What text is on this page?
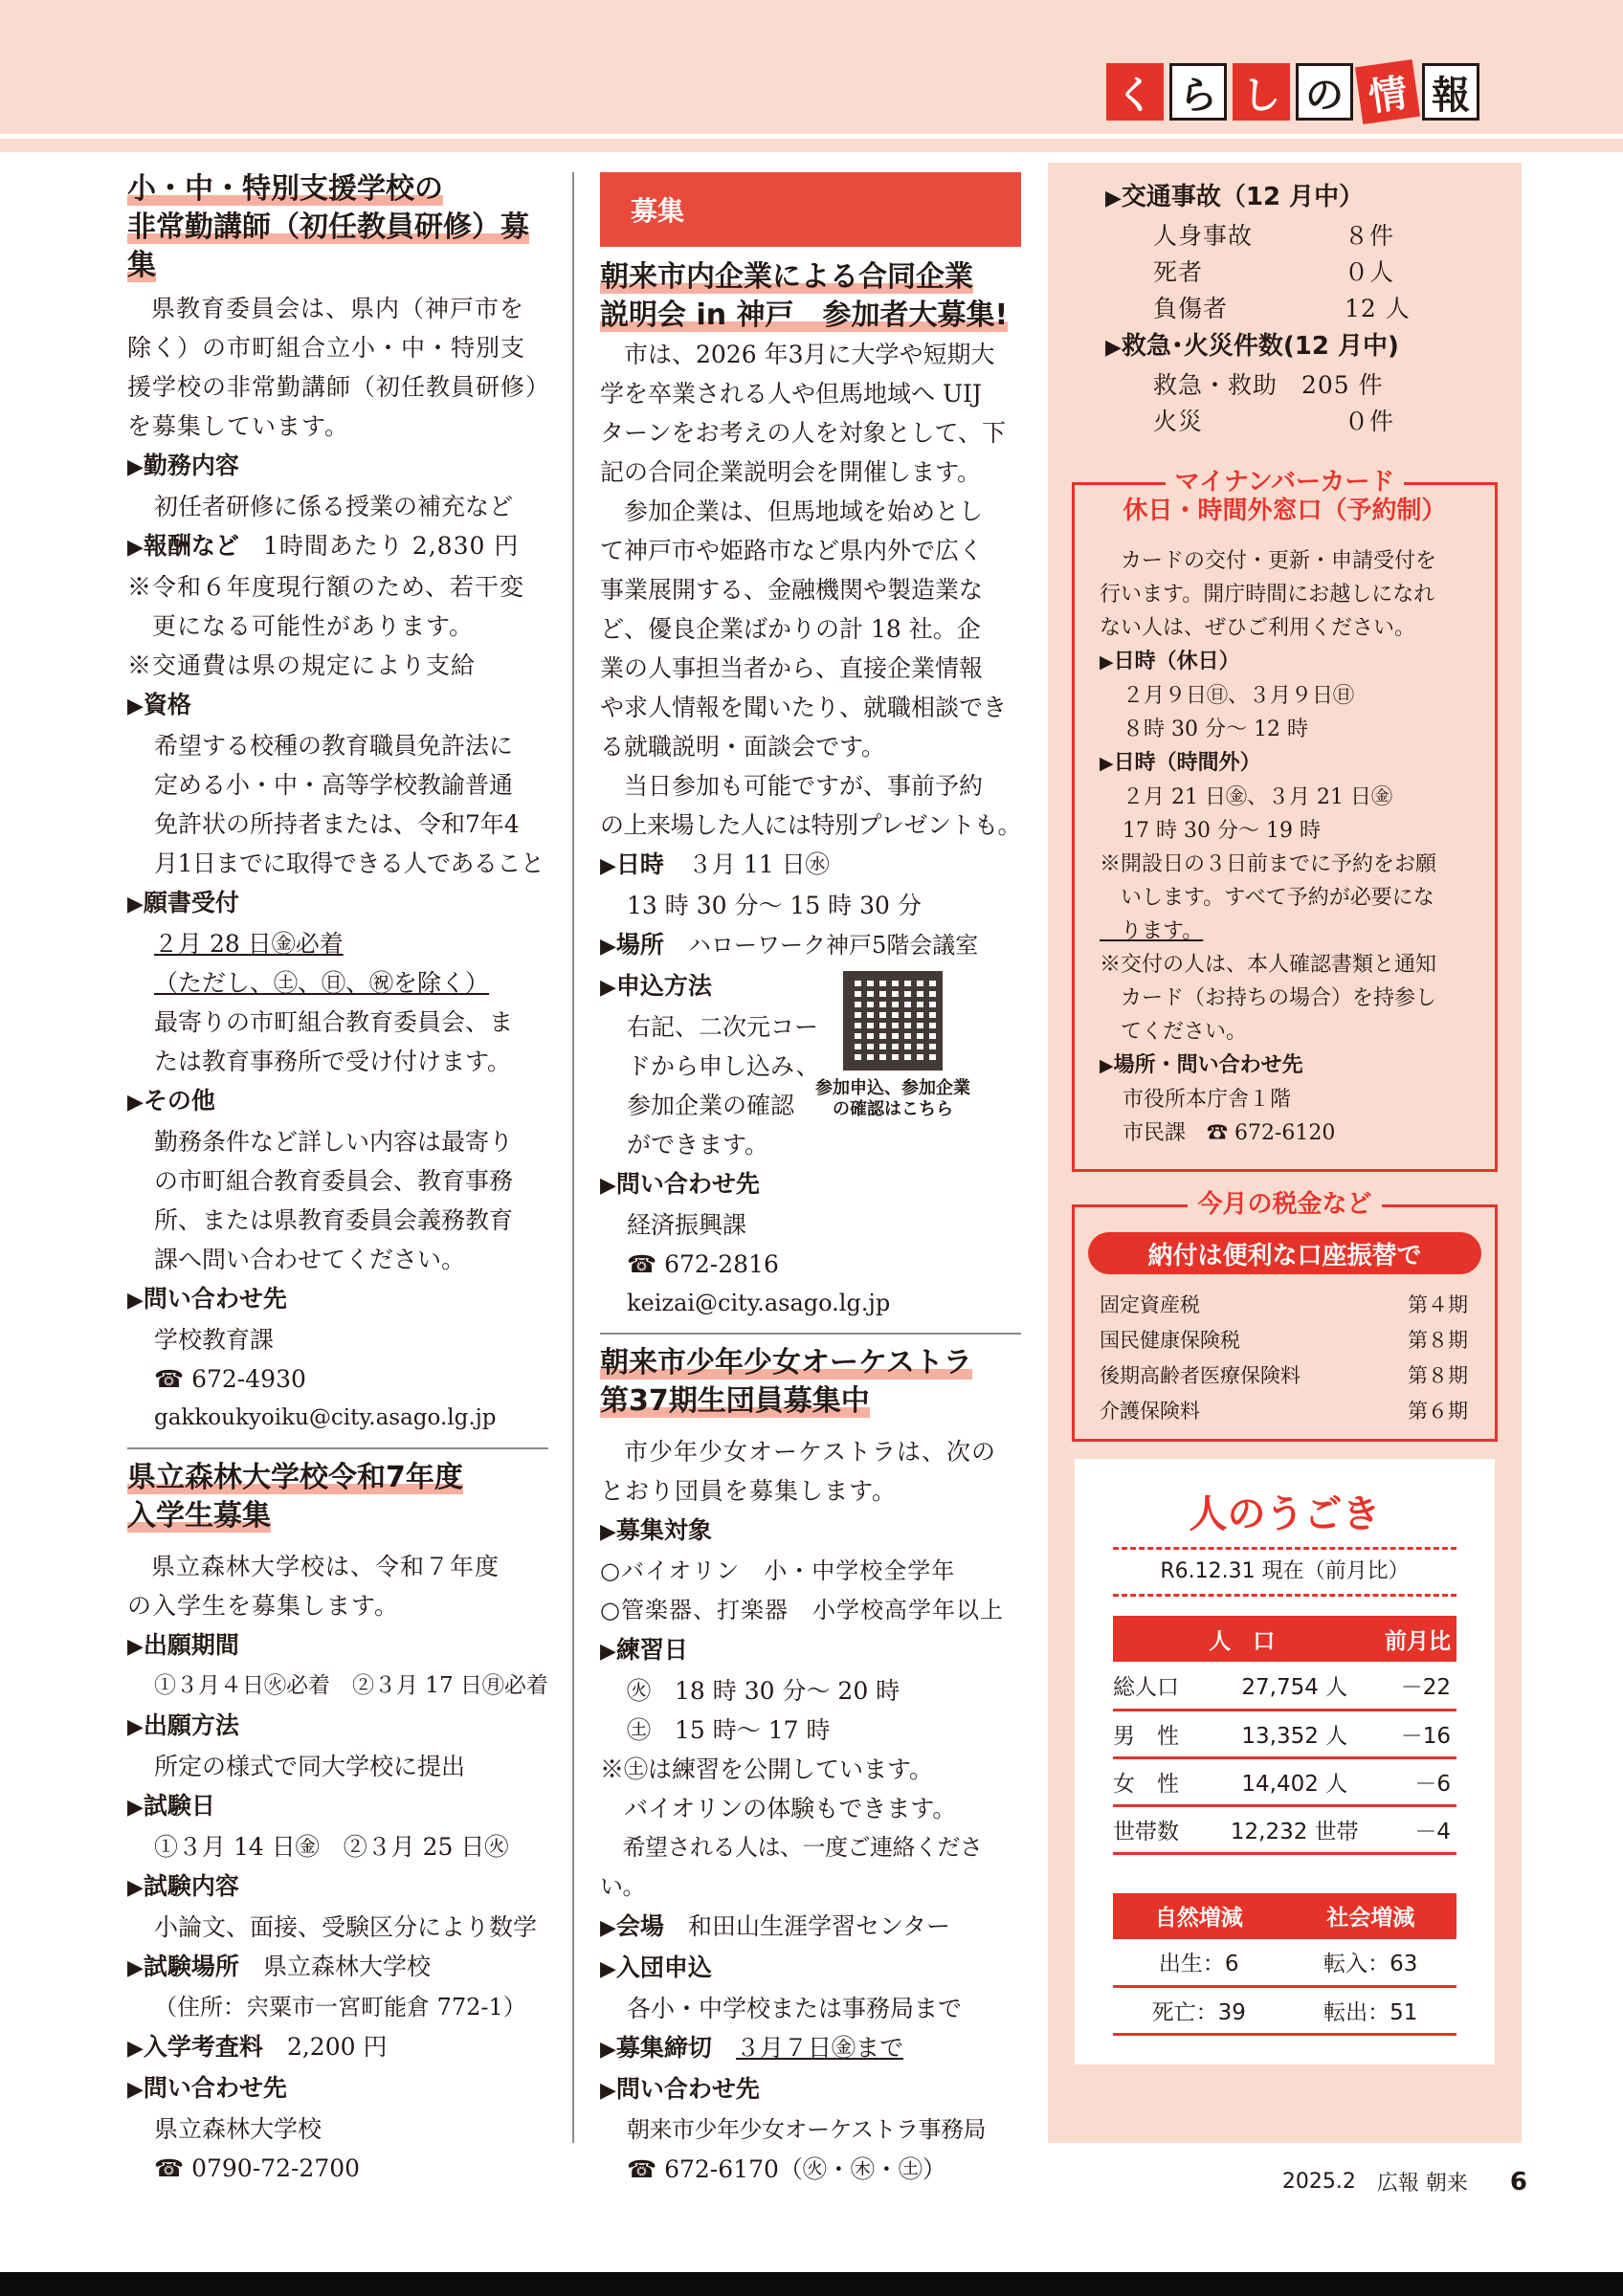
く ら し の 情 報
小・中・特別支援学校の
非常勤講師（初任教員研修）募集
県教育委員会は、県内（神戸市を
除く）の市町組合立小・中・特別支
援学校の非常勤講師（初任教員研修）
を募集しています。
▶ 勤務内容
初任者研修に係る授業の補充など
▶ 報酬など　 1時間あたり 2,830 円
※令和６年度現行額のため、若干変
　更になる可能性があります。
※交通費は県の規定により支給
▶ 資格
希望する校種の教育職員免許法に
定める小・中・高等学校教諭普通
免許状の所持者または、令和7年4
月1日までに取得できる人であること
▶ 願書受付
２月 28 日㊎必着
（ただし、㊏、㊐、㊗を除く）
最寄りの市町組合教育委員会、ま
たは教育事務所で受け付けます。
▶ その他
勤務条件など詳しい内容は最寄り
の市町組合教育委員会、教育事務
所、または県教育委員会義務教育
課へ問い合わせてください。
▶ 問い合わせ先
学校教育課
☎ 672-4930
gakkoukyoiku@city.asago.lg.jp
県立森林大学校令和7年度
入学生募集
県立森林大学校は、令和７年度
の入学生を募集します。
▶ 出願期間
①３月４日㊋必着　②３月 17 日㊊必着
▶ 出願方法
所定の様式で同大学校に提出
▶ 試験日
①３月 14 日㊎　②３月 25 日㊋
▶ 試験内容
小論文、面接、受験区分により数学
▶ 試験場所　 県立森林大学校
（住所：宍粟市一宮町能倉 772-1）
▶ 入学考査料　 2,200 円
▶ 問い合わせ先
県立森林大学校
☎ 0790-72-2700
募集
朝来市内企業による合同企業
説明会 in 神戸　参加者大募集!
市は、2026 年3月に大学や短期大
学を卒業される人や但馬地域へ UIJ
ターンをお考えの人を対象として、下
記の合同企業説明会を開催します。
参加企業は、但馬地域を始めとし
て神戸市や姫路市など県内外で広く
事業展開する、金融機関や製造業な
ど、優良企業ばかりの計 18 社。企
業の人事担当者から、直接企業情報
や求人情報を聞いたり、就職相談でき
る就職説明・面談会です。
当日参加も可能ですが、事前予約
の上来場した人には特別プレゼントも。
▶ 日時　 ３月 11 日㊌
13 時 30 分～ 15 時 30 分
▶ 場所　 ハローワーク神戸5階会議室
▶ 申込方法
右記、二次元コー
ドから申し込み、
参加企業の確認
ができます。
参加申込、参加企業
の確認はこちら
▶ 問い合わせ先
経済振興課
☎ 672-2816
keizai@city.asago.lg.jp
朝来市少年少女オーケストラ
第37期生団員募集中
市少年少女オーケストラは、次の
とおり団員を募集します。
▶ 募集対象
○バイオリン　小・中学校全学年
○管楽器、打楽器　小学校高学年以上
▶ 練習日
㊋　18 時 30 分～ 20 時
㊏　15 時～ 17 時
※㊏は練習を公開しています。
　バイオリンの体験もできます。
　希望される人は、一度ご連絡ください。
▶ 会場　 和田山生涯学習センター
▶ 入団申込
各小・中学校または事務局まで
▶ 募集締切　 ３月７日㊎まで
▶ 問い合わせ先
朝来市少年少女オーケストラ事務局
☎ 672-6170（㊋・㊍・㊏）
▶ 交通事故（12 月中）
人身事故	８件
死者	０人
負傷者	12 人
▶ 救急･火災件数(12 月中)
救急・救助 205 件
火災	０件
マイナンバーカード
休日・時間外窓口（予約制）
カードの交付・更新・申請受付を
行います。開庁時間にお越しになれ
ない人は、ぜひご利用ください。
▶ 日時（休日）
２月９日㊐、３月９日㊐
８時 30 分～ 12 時
▶ 日時（時間外）
２月 21 日㊎、３月 21 日㊎
17 時 30 分～ 19 時
※開設日の３日前までに予約をお願
　いします。すべて予約が必要にな
　ります。
※交付の人は、本人確認書類と通知
　カード（お持ちの場合）を持参し
　てください。
▶ 場所・問い合わせ先
市役所本庁舎１階
市民課　☎ 672-6120
今月の税金など
納付は便利な口座振替で
固定資産税	第４期
国民健康保険税	第８期
後期高齢者医療保険料	第８期
介護保険料	第６期
人のうごき
R6.12.31 現在（前月比）
人　口		前月比
総人口	27,754 人	－22
男　性	13,352 人	－16
女　性	14,402 人	－6
世帯数	12,232 世帯	－4
自然増減	社会増減
出生：6	転入：63
死亡：39	転出：51
2025.2 広報 朝来 6
